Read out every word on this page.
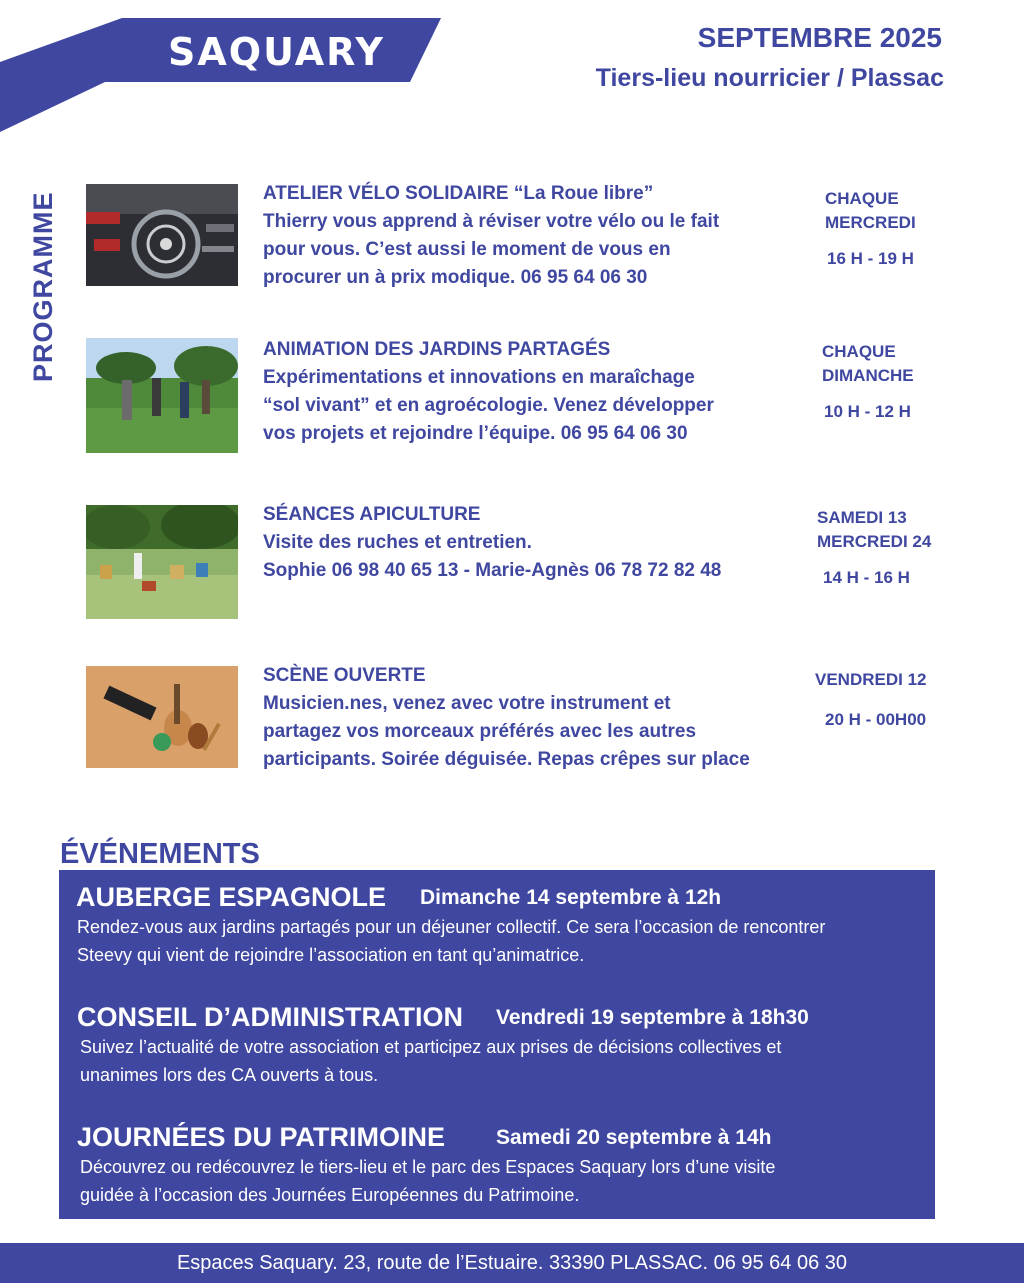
SAQUARY	SEPTEMBRE 2025
Tiers-lieu nourricier / Plassac
PROGRAMME	ATELIER VÉLO SOLIDAIRE “La Roue libre”
Thierry vous apprend à réviser votre vélo ou le fait
pour vous. C’est aussi le moment de vous en
procurer un à prix modique. 06 95 64 06 30
CHAQUE
MERCREDI
16 H - 19 H
ANIMATION DES JARDINS PARTAGÉS
Expérimentations et innovations en maraîchage
“sol vivant” et en agroécologie. Venez développer
vos projets et rejoindre l’équipe. 06 95 64 06 30
CHAQUE
DIMANCHE
10 H - 12 H
SÉANCES APICULTURE
Visite des ruches et entretien.
Sophie 06 98 40 65 13 - Marie-Agnès 06 78 72 82 48
SAMEDI 13
MERCREDI 24
14 H - 16 H
SCÈNE OUVERTE
Musicien.nes, venez avec votre instrument et
partagez vos morceaux préférés avec les autres
participants. Soirée déguisée. Repas crêpes sur place
VENDREDI 12
20 H - 00H00
ÉVÉNEMENTS
AUBERGE ESPAGNOLE Dimanche 14 septembre à 12h
Rendez-vous aux jardins partagés pour un déjeuner collectif. Ce sera l’occasion de rencontrer
Steevy qui vient de rejoindre l’association en tant qu’animatrice.
CONSEIL D’ADMINISTRATION Vendredi 19 septembre à 18h30
Suivez l’actualité de votre association et participez aux prises de décisions collectives et
unanimes lors des CA ouverts à tous.
JOURNÉES DU PATRIMOINE Samedi 20 septembre à 14h
Découvrez ou redécouvrez le tiers-lieu et le parc des Espaces Saquary lors d’une visite
guidée à l’occasion des Journées Européennes du Patrimoine.
Espaces Saquary. 23, route de l’Estuaire. 33390 PLASSAC. 06 95 64 06 30
